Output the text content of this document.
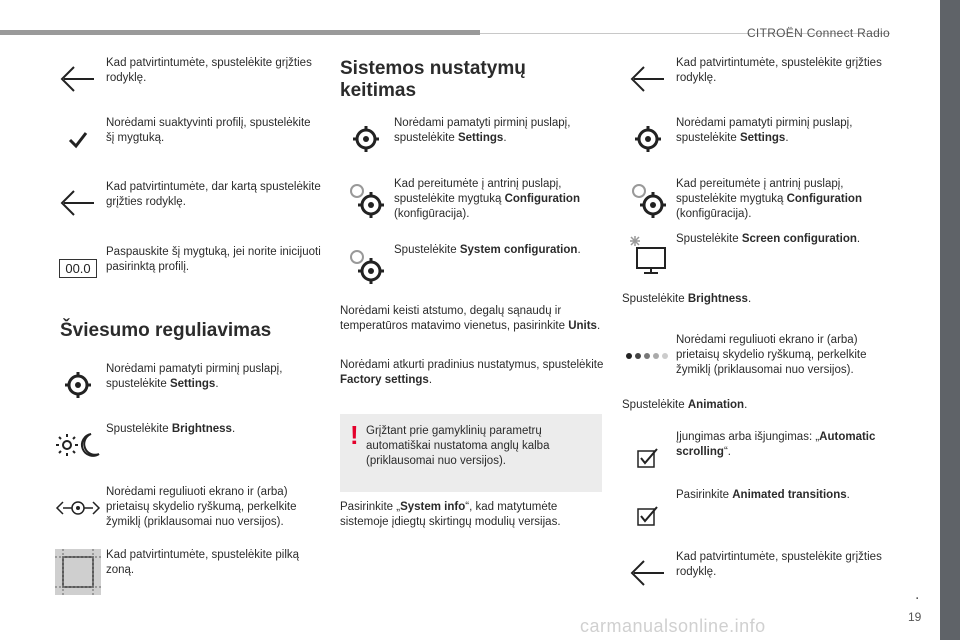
CITROËN Connect Radio
Kad patvirtintumėte, spustelėkite grįžties rodyklę.
Norėdami suaktyvinti profilį, spustelėkite šį mygtuką.
Kad patvirtintumėte, dar kartą spustelėkite grįžties rodyklę.
00.0
Paspauskite šį mygtuką, jei norite inicijuoti pasirinktą profilį.
Šviesumo reguliavimas
Norėdami pamatyti pirminį puslapį, spustelėkite Settings.
Spustelėkite Brightness.
Norėdami reguliuoti ekrano ir (arba) prietaisų skydelio ryškumą, perkelkite žymiklį (priklausomai nuo versijos).
Kad patvirtintumėte, spustelėkite pilką zoną.
Sistemos nustatymų keitimas
Norėdami pamatyti pirminį puslapį, spustelėkite Settings.
Kad pereitumėte į antrinį puslapį, spustelėkite mygtuką Configuration (konfigūracija).
Spustelėkite System configuration.
Norėdami keisti atstumo, degalų sąnaudų ir temperatūros matavimo vienetus, pasirinkite Units.
Norėdami atkurti pradinius nustatymus, spustelėkite Factory settings.
! Grįžtant prie gamyklinių parametrų automatiškai nustatoma anglų kalba (priklausomai nuo versijos).
Pasirinkite „System info“, kad matytumėte sistemoje įdiegtų skirtingų modulių versijas.
Kad patvirtintumėte, spustelėkite grįžties rodyklę.
Norėdami pamatyti pirminį puslapį, spustelėkite Settings.
Kad pereitumėte į antrinį puslapį, spustelėkite mygtuką Configuration (konfigūracija).
Spustelėkite Screen configuration.
Spustelėkite Brightness.
Norėdami reguliuoti ekrano ir (arba) prietaisų skydelio ryškumą, perkelkite žymiklį (priklausomai nuo versijos).
Spustelėkite Animation.
Įjungimas arba išjungimas: „Automatic scrolling“.
Pasirinkite Animated transitions.
Kad patvirtintumėte, spustelėkite grįžties rodyklę.
.
19
carmanualsonline.info
